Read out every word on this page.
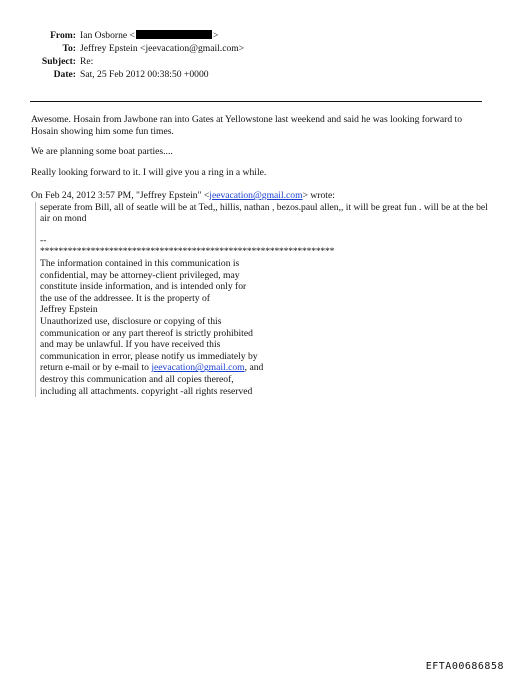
From: Ian Osborne <	>
To: Jeffrey Epstein <jeevacation@gmail.com>
Subject: Re:
Date: Sat, 25 Feb 2012 00:38:50 +0000

Awesome. Hosain from Jawbone ran into Gates at Yellowstone last weekend and said he was looking forward to Hosain showing him some fun times.

We are planning some boat parties....

Really looking forward to it. I will give you a ring in a while.

On Feb 24, 2012 3:57 PM, "Jeffrey Epstein" <jeevacation@gmail.com> wrote:

seperate from Bill, all of seatle will be at Ted,, hillis, nathan , bezos.paul allen,, it will be great fun . will be at the bel air on mond

--

****************************************************************

The information contained in this communication is

confidential, may be attorney-client privileged, may

constitute inside information, and is intended only for

the use of the addressee. It is the property of

Jeffrey Epstein

Unauthorized use, disclosure or copying of this

communication or any part thereof is strictly prohibited

and may be unlawful. If you have received this

communication in error, please notify us immediately by

return e-mail or by e-mail to jeevacation@gmail.com, and

destroy this communication and all copies thereof,

including all attachments. copyright -all rights reserved

EFTA00686858
